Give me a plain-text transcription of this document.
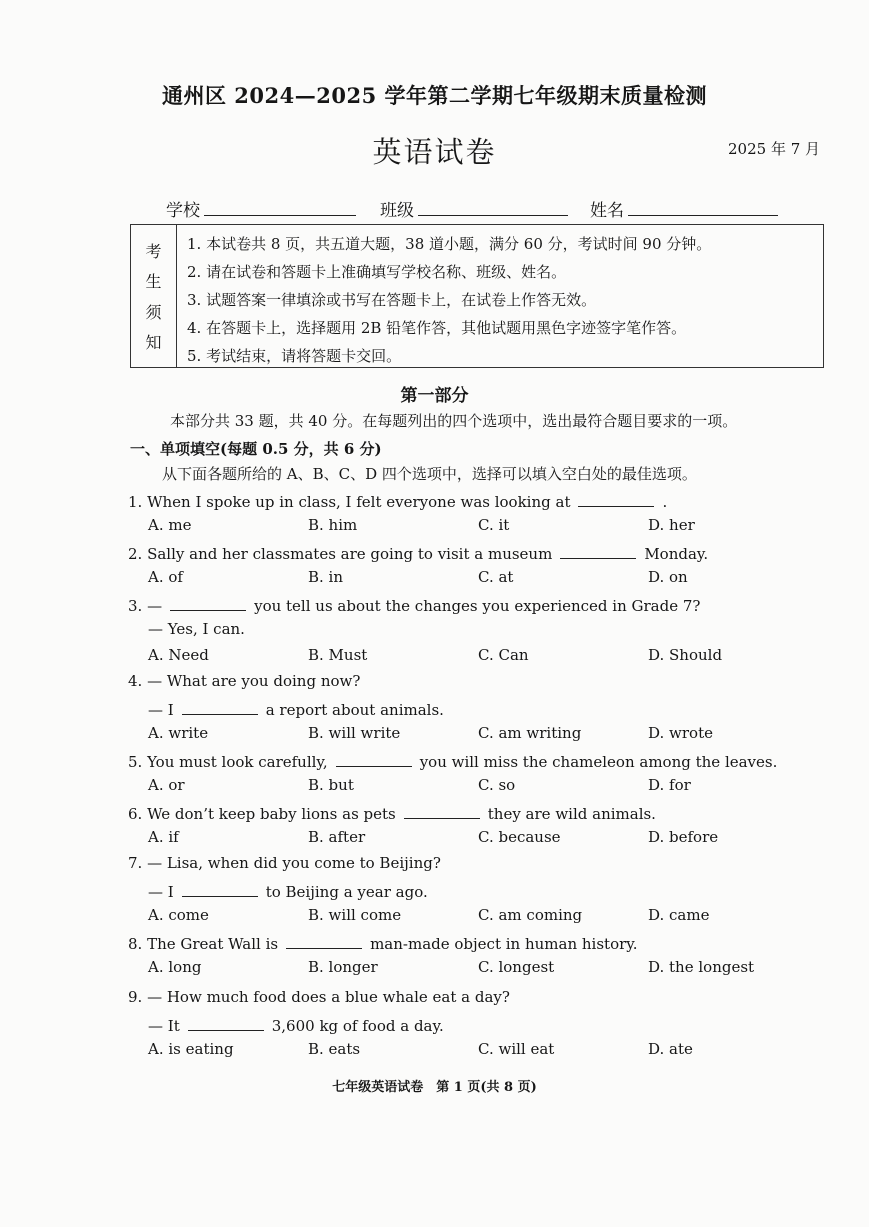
通州区 2024—2025 学年第二学期七年级期末质量检测
英语试卷	2025 年 7 月
学校	班级	姓名
考
生
须
知
1. 本试卷共 8 页，共五道大题，38 道小题，满分 60 分，考试时间 90 分钟。
2. 请在试卷和答题卡上准确填写学校名称、班级、姓名。
3. 试题答案一律填涂或书写在答题卡上，在试卷上作答无效。
4. 在答题卡上，选择题用 2B 铅笔作答，其他试题用黑色字迹签字笔作答。
5. 考试结束，请将答题卡交回。
第一部分
本部分共 33 题，共 40 分。在每题列出的四个选项中，选出最符合题目要求的一项。
一、单项填空(每题 0.5 分，共 6 分)
从下面各题所给的 A、B、C、D 四个选项中，选择可以填入空白处的最佳选项。
1. When I spoke up in class, I felt everyone was looking at	.
A. me	B. him	C. it	D. her
2. Sally and her classmates are going to visit a museum	Monday.
A. of	B. in	C. at	D. on
3. —	you tell us about the changes you experienced in Grade 7?
— Yes, I can.
A. Need	B. Must	C. Can	D. Should
4. — What are you doing now?
— I	a report about animals.
A. write	B. will write	C. am writing	D. wrote
5. You must look carefully,	you will miss the chameleon among the leaves.
A. or	B. but	C. so	D. for
6. We don’t keep baby lions as pets	they are wild animals.
A. if	B. after	C. because	D. before
7. — Lisa, when did you come to Beijing?
— I	to Beijing a year ago.
A. come	B. will come	C. am coming	D. came
8. The Great Wall is	man-made object in human history.
A. long	B. longer	C. longest	D. the longest
9. — How much food does a blue whale eat a day?
— It	3,600 kg of food a day.
A. is eating	B. eats	C. will eat	D. ate
七年级英语试卷　第 1 页(共 8 页)
